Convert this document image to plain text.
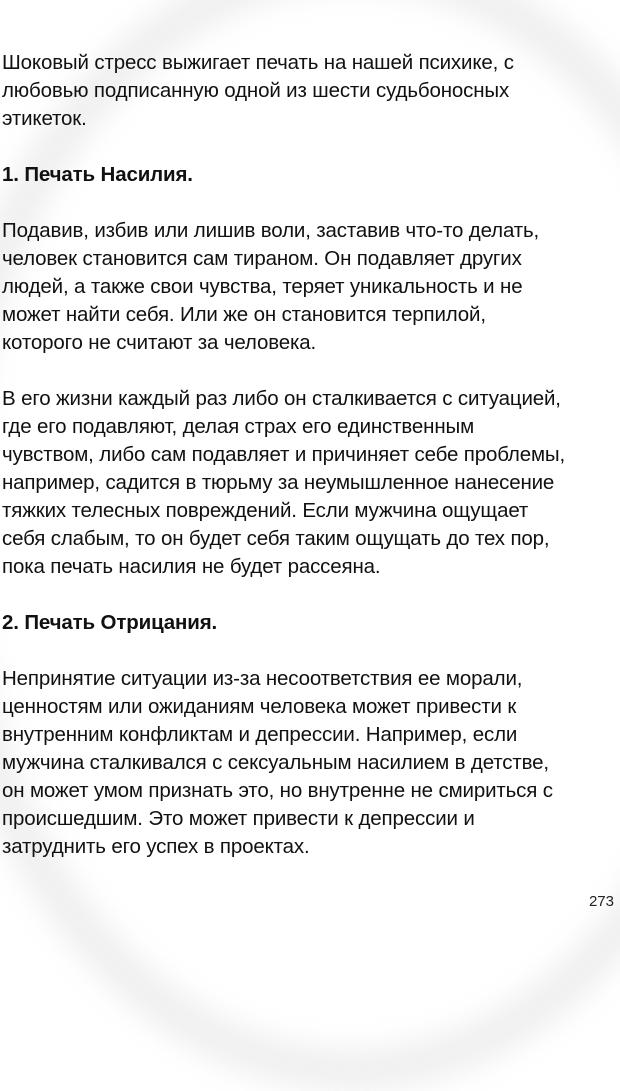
Шоковый стресс выжигает печать на нашей психике, с
любовью подписанную одной из шести судьбоносных
этикеток.

1. Печать Насилия.

Подавив, избив или лишив воли, заставив что-то делать,
человек становится сам тираном. Он подавляет других
людей, а также свои чувства, теряет уникальность и не
может найти себя. Или же он становится терпилой,
которого не считают за человека.

В его жизни каждый раз либо он сталкивается с ситуацией,
где его подавляют, делая страх его единственным
чувством, либо сам подавляет и причиняет себе проблемы,
например, садится в тюрьму за неумышленное нанесение
тяжких телесных повреждений. Если мужчина ощущает
себя слабым, то он будет себя таким ощущать до тех пор,
пока печать насилия не будет рассеяна.

2. Печать Отрицания.

Непринятие ситуации из-за несоответствия ее морали,
ценностям или ожиданиям человека может привести к
внутренним конфликтам и депрессии. Например, если
мужчина сталкивался с сексуальным насилием в детстве,
он может умом признать это, но внутренне не смириться с
происшедшим. Это может привести к депрессии и
затруднить его успех в проектах.

273
